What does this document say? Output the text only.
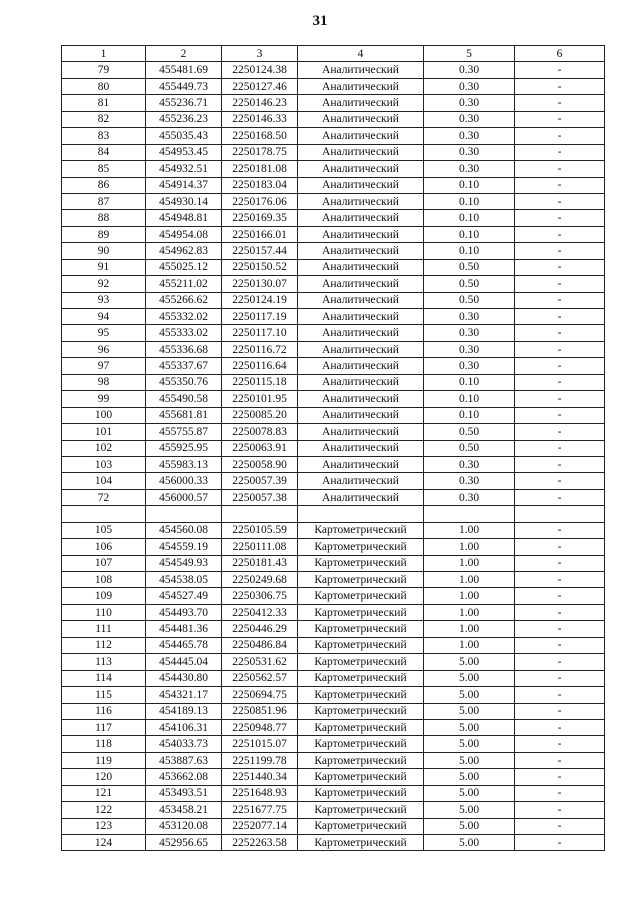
31
1	2	3	4	5	6
79	455481.69	2250124.38	Аналитический	0.30	-
80	455449.73	2250127.46	Аналитический	0.30	-
81	455236.71	2250146.23	Аналитический	0.30	-
82	455236.23	2250146.33	Аналитический	0.30	-
83	455035.43	2250168.50	Аналитический	0.30	-
84	454953.45	2250178.75	Аналитический	0.30	-
85	454932.51	2250181.08	Аналитический	0.30	-
86	454914.37	2250183.04	Аналитический	0.10	-
87	454930.14	2250176.06	Аналитический	0.10	-
88	454948.81	2250169.35	Аналитический	0.10	-
89	454954.08	2250166.01	Аналитический	0.10	-
90	454962.83	2250157.44	Аналитический	0.10	-
91	455025.12	2250150.52	Аналитический	0.50	-
92	455211.02	2250130.07	Аналитический	0.50	-
93	455266.62	2250124.19	Аналитический	0.50	-
94	455332.02	2250117.19	Аналитический	0.30	-
95	455333.02	2250117.10	Аналитический	0.30	-
96	455336.68	2250116.72	Аналитический	0.30	-
97	455337.67	2250116.64	Аналитический	0.30	-
98	455350.76	2250115.18	Аналитический	0.10	-
99	455490.58	2250101.95	Аналитический	0.10	-
100	455681.81	2250085.20	Аналитический	0.10	-
101	455755.87	2250078.83	Аналитический	0.50	-
102	455925.95	2250063.91	Аналитический	0.50	-
103	455983.13	2250058.90	Аналитический	0.30	-
104	456000.33	2250057.39	Аналитический	0.30	-
72	456000.57	2250057.38	Аналитический	0.30	-

105	454560.08	2250105.59	Картометрический	1.00	-
106	454559.19	2250111.08	Картометрический	1.00	-
107	454549.93	2250181.43	Картометрический	1.00	-
108	454538.05	2250249.68	Картометрический	1.00	-
109	454527.49	2250306.75	Картометрический	1.00	-
110	454493.70	2250412.33	Картометрический	1.00	-
111	454481.36	2250446.29	Картометрический	1.00	-
112	454465.78	2250486.84	Картометрический	1.00	-
113	454445.04	2250531.62	Картометрический	5.00	-
114	454430.80	2250562.57	Картометрический	5.00	-
115	454321.17	2250694.75	Картометрический	5.00	-
116	454189.13	2250851.96	Картометрический	5.00	-
117	454106.31	2250948.77	Картометрический	5.00	-
118	454033.73	2251015.07	Картометрический	5.00	-
119	453887.63	2251199.78	Картометрический	5.00	-
120	453662.08	2251440.34	Картометрический	5.00	-
121	453493.51	2251648.93	Картометрический	5.00	-
122	453458.21	2251677.75	Картометрический	5.00	-
123	453120.08	2252077.14	Картометрический	5.00	-
124	452956.65	2252263.58	Картометрический	5.00	-
